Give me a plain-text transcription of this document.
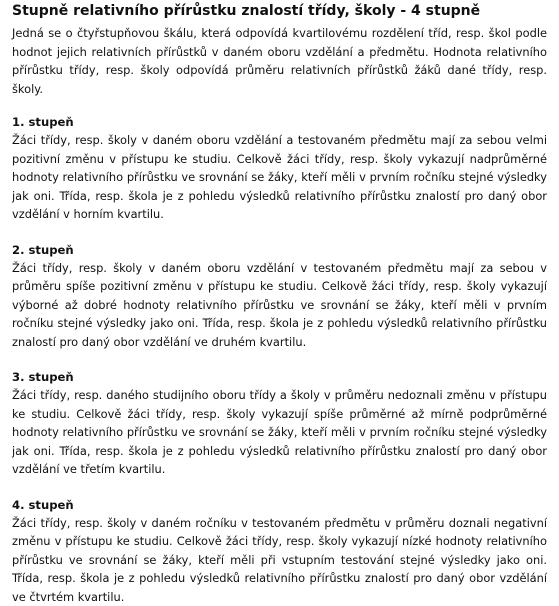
Stupně relativního přírůstku znalostí třídy, školy - 4 stupně

Jedná se o čtyřstupňovou škálu, která odpovídá kvartilovému rozdělení tříd, resp. škol podle hodnot jejich relativních přírůstků v daném oboru vzdělání a předmětu. Hodnota relativního přírůstku třídy, resp. školy odpovídá průměru relativních přírůstků žáků dané třídy, resp. školy.

1. stupeň

Žáci třídy, resp. školy v daném oboru vzdělání a testovaném předmětu mají za sebou velmi pozitivní změnu v přístupu ke studiu. Celkově žáci třídy, resp. školy vykazují nadprůměrné hodnoty relativního přírůstku ve srovnání se žáky, kteří měli v prvním ročníku stejné výsledky jak oni. Třída, resp. škola je z pohledu výsledků relativního přírůstku znalostí pro daný obor vzdělání v horním kvartilu.

2. stupeň

Žáci třídy, resp. školy v daném oboru vzdělání v testovaném předmětu mají za sebou v průměru spíše pozitivní změnu v přístupu ke studiu. Celkově žáci třídy, resp. školy vykazují výborné až dobré hodnoty relativního přírůstku ve srovnání se žáky, kteří měli v prvním ročníku stejné výsledky jako oni. Třída, resp. škola je z pohledu výsledků relativního přírůstku znalostí pro daný obor vzdělání ve druhém kvartilu.

3. stupeň

Žáci třídy, resp. daného studijního oboru třídy a školy v průměru nedoznali změnu v přístupu ke studiu. Celkově žáci třídy, resp. školy vykazují spíše průměrné až mírně podprůměrné hodnoty relativního přírůstku ve srovnání se žáky, kteří měli v prvním ročníku stejné výsledky jak oni. Třída, resp. škola je z pohledu výsledků relativního přírůstku znalostí pro daný obor vzdělání ve třetím kvartilu.

4. stupeň

Žáci třídy, resp. školy v daném ročníku v testovaném předmětu v průměru doznali negativní změnu v přístupu ke studiu. Celkově žáci třídy, resp. školy vykazují nízké hodnoty relativního přírůstku ve srovnání se žáky, kteří měli při vstupním testování stejné výsledky jako oni. Třída, resp. škola je z pohledu výsledků relativního přírůstku znalostí pro daný obor vzdělání ve čtvrtém kvartilu.
